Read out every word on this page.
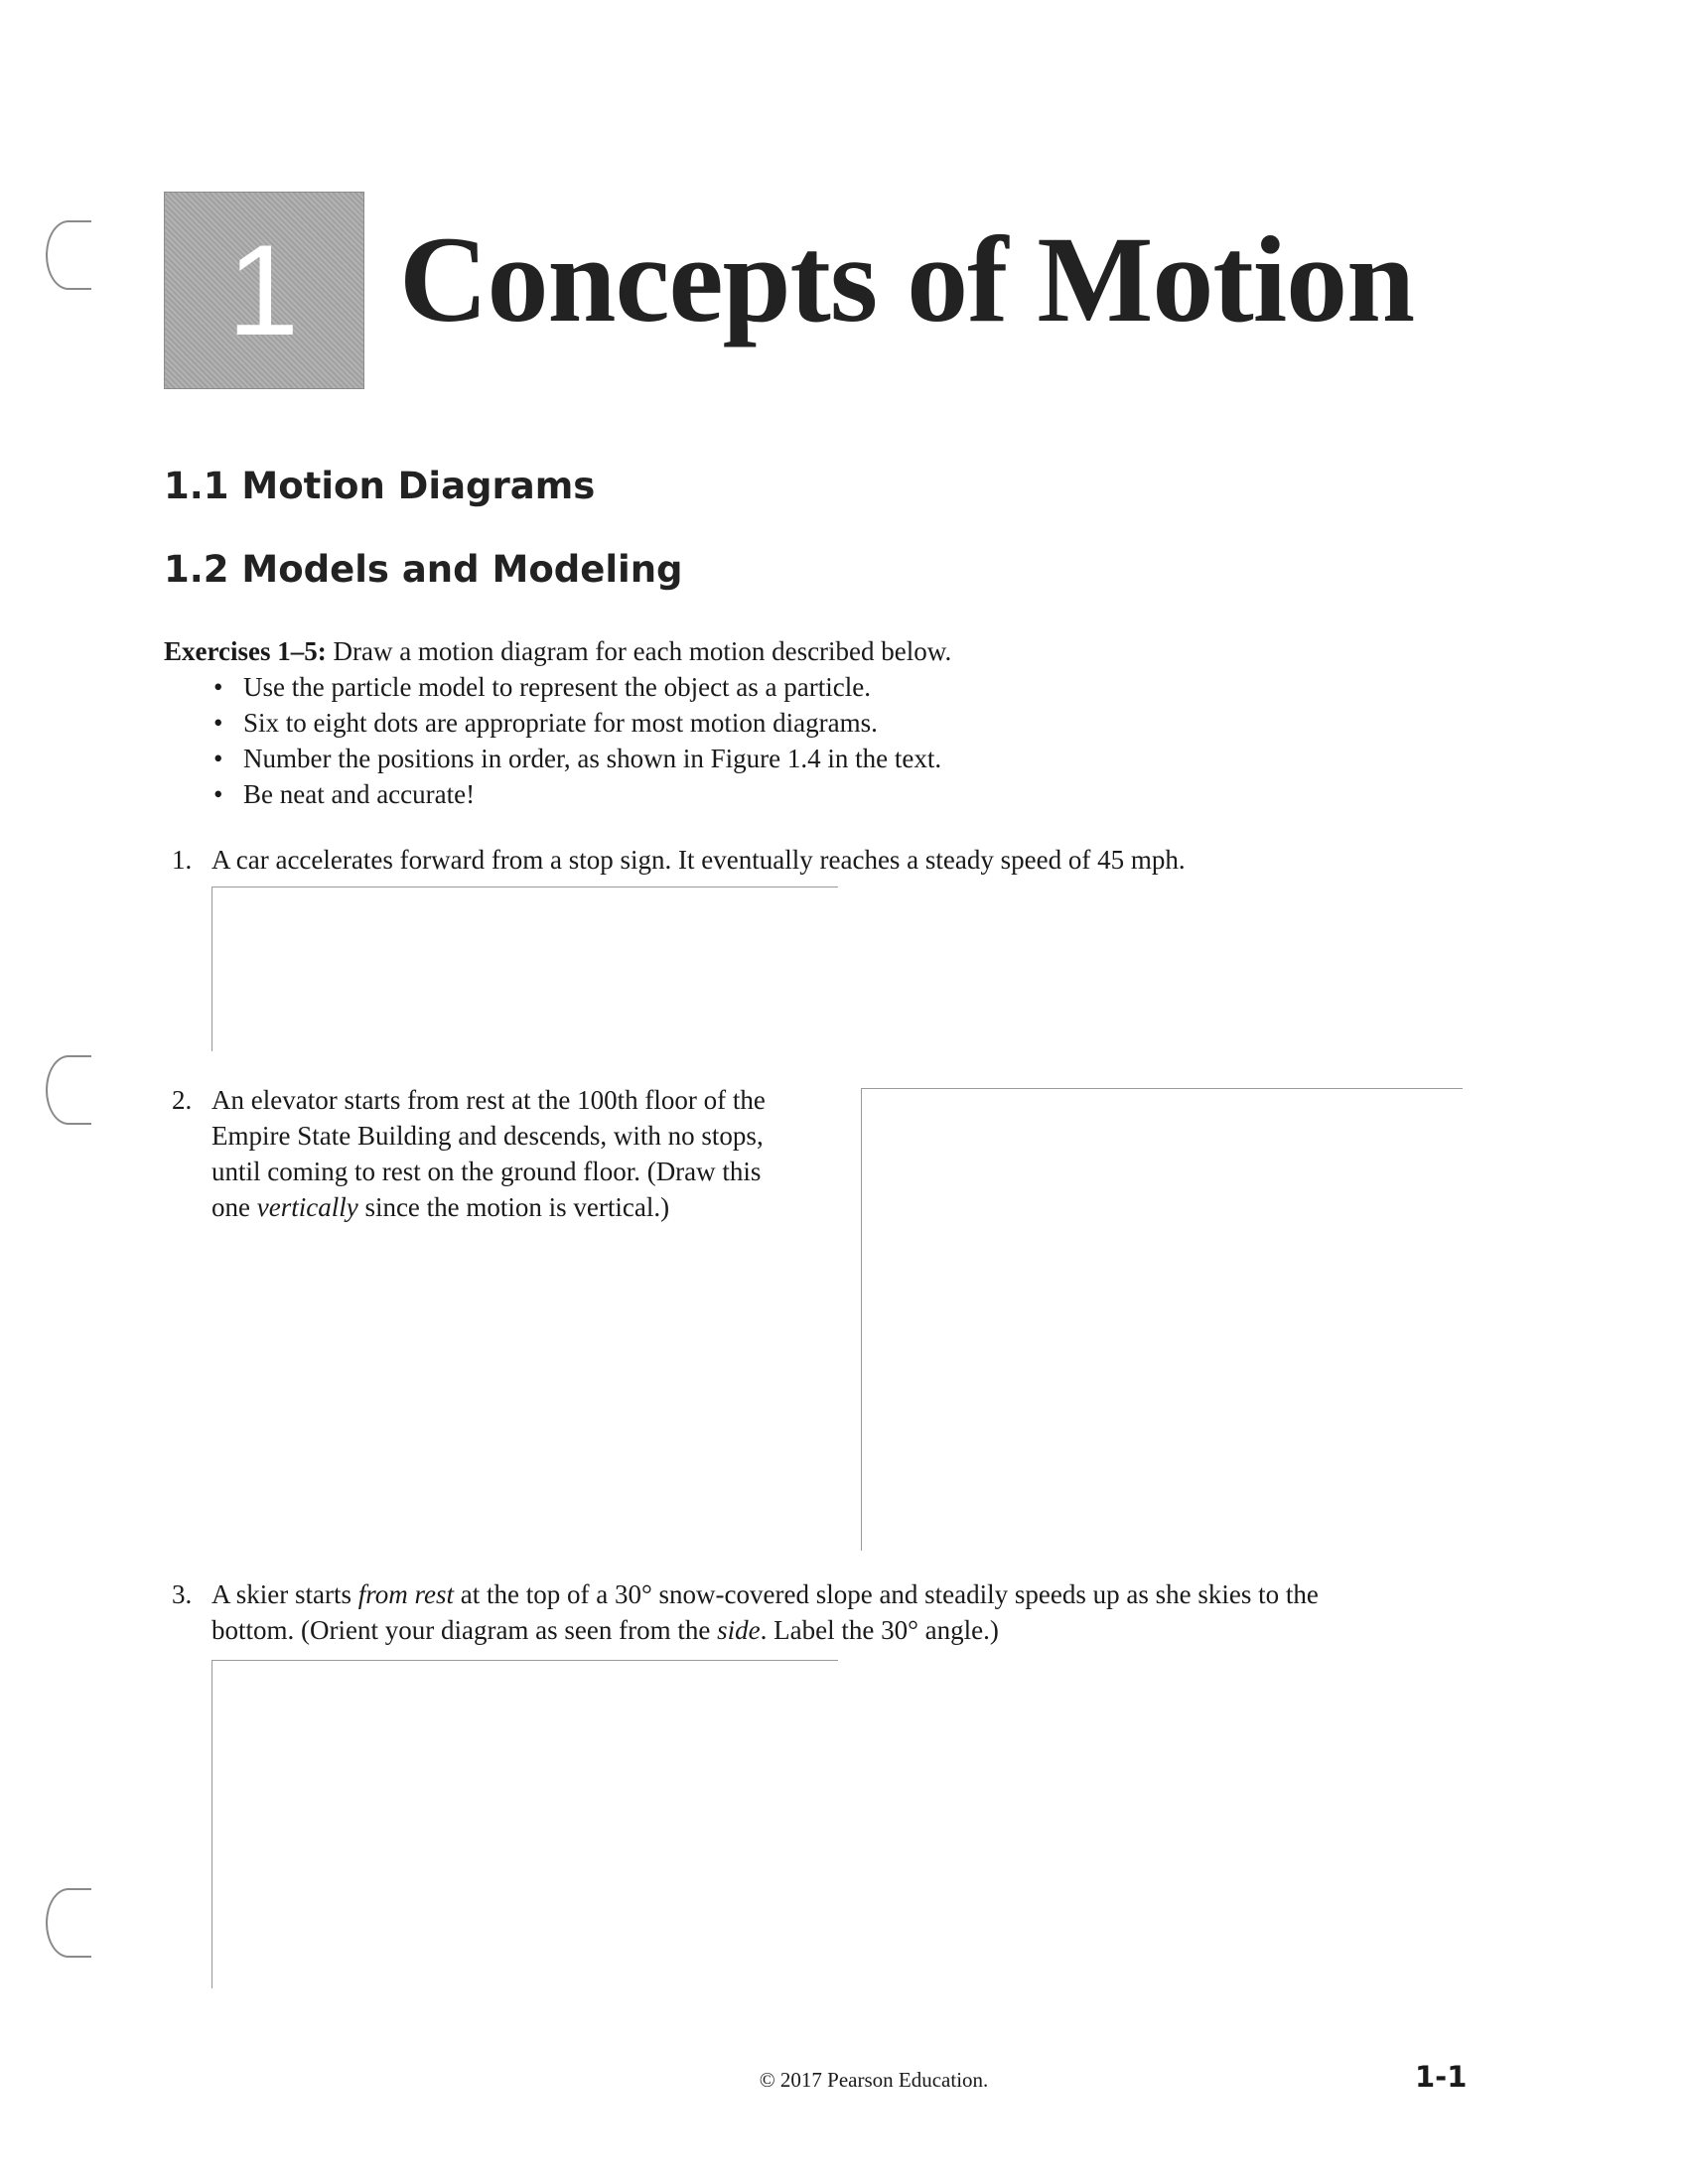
1 Concepts of Motion
1.1 Motion Diagrams
1.2 Models and Modeling
Exercises 1–5: Draw a motion diagram for each motion described below.
• Use the particle model to represent the object as a particle.
• Six to eight dots are appropriate for most motion diagrams.
• Number the positions in order, as shown in Figure 1.4 in the text.
• Be neat and accurate!
1. A car accelerates forward from a stop sign. It eventually reaches a steady speed of 45 mph.
2. An elevator starts from rest at the 100th floor of the
Empire State Building and descends, with no stops,
until coming to rest on the ground floor. (Draw this
one vertically since the motion is vertical.)
3. A skier starts from rest at the top of a 30° snow-covered slope and steadily speeds up as she skies to the
bottom. (Orient your diagram as seen from the side. Label the 30° angle.)
© 2017 Pearson Education.	1-1
